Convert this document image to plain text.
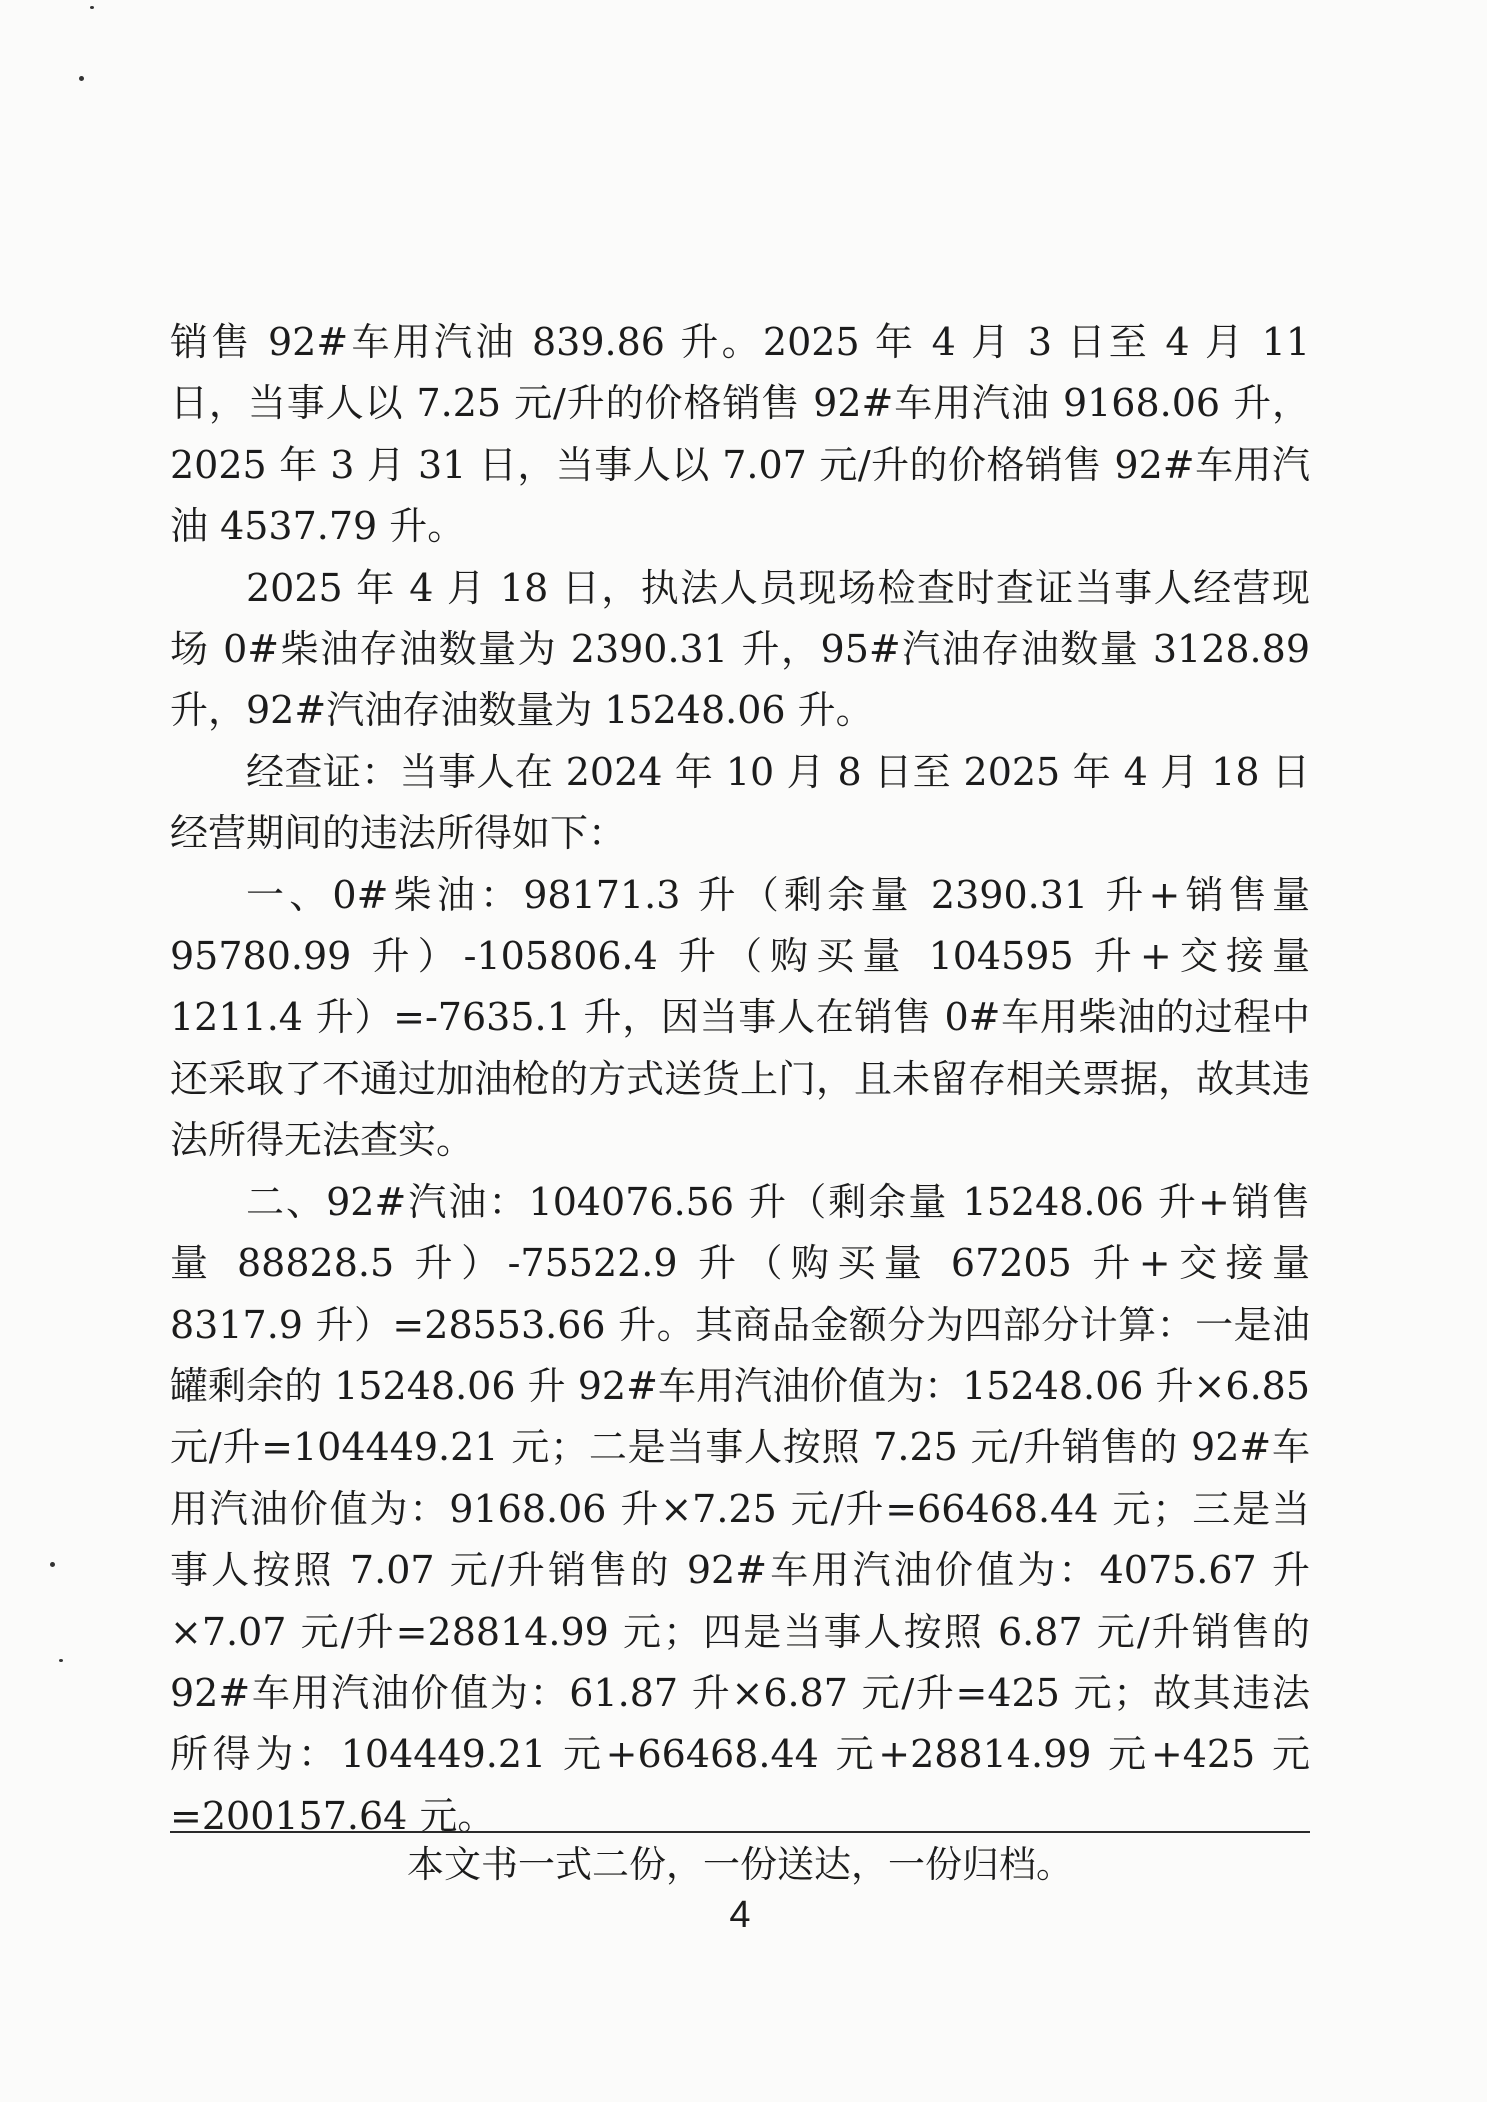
销售 92#车用汽油 839.86 升。2025 年 4 月 3 日至 4 月 11 日，当事人以 7.25 元/升的价格销售 92#车用汽油 9168.06 升，2025 年 3 月 31 日，当事人以 7.07 元/升的价格销售 92#车用汽油 4537.79 升。

2025 年 4 月 18 日，执法人员现场检查时查证当事人经营现场 0#柴油存油数量为 2390.31 升，95#汽油存油数量 3128.89 升，92#汽油存油数量为 15248.06 升。

经查证：当事人在 2024 年 10 月 8 日至 2025 年 4 月 18 日经营期间的违法所得如下：

一、0#柴油：98171.3 升（剩余量 2390.31 升+销售量 95780.99 升）-105806.4 升（购买量 104595 升+交接量 1211.4 升）=-7635.1 升，因当事人在销售 0#车用柴油的过程中还采取了不通过加油枪的方式送货上门，且未留存相关票据，故其违法所得无法查实。

二、92#汽油：104076.56 升（剩余量 15248.06 升+销售量 88828.5 升）-75522.9 升（购买量 67205 升+交接量 8317.9 升）=28553.66 升。其商品金额分为四部分计算：一是油罐剩余的 15248.06 升 92#车用汽油价值为：15248.06 升×6.85 元/升=104449.21 元；二是当事人按照 7.25 元/升销售的 92#车用汽油价值为：9168.06 升×7.25 元/升=66468.44 元；三是当事人按照 7.07 元/升销售的 92#车用汽油价值为：4075.67 升×7.07 元/升=28814.99 元；四是当事人按照 6.87 元/升销售的 92#车用汽油价值为：61.87 升×6.87 元/升=425 元；故其违法所得为：104449.21 元+66468.44 元+28814.99 元+425 元=200157.64 元。

本文书一式二份，一份送达，一份归档。
4
